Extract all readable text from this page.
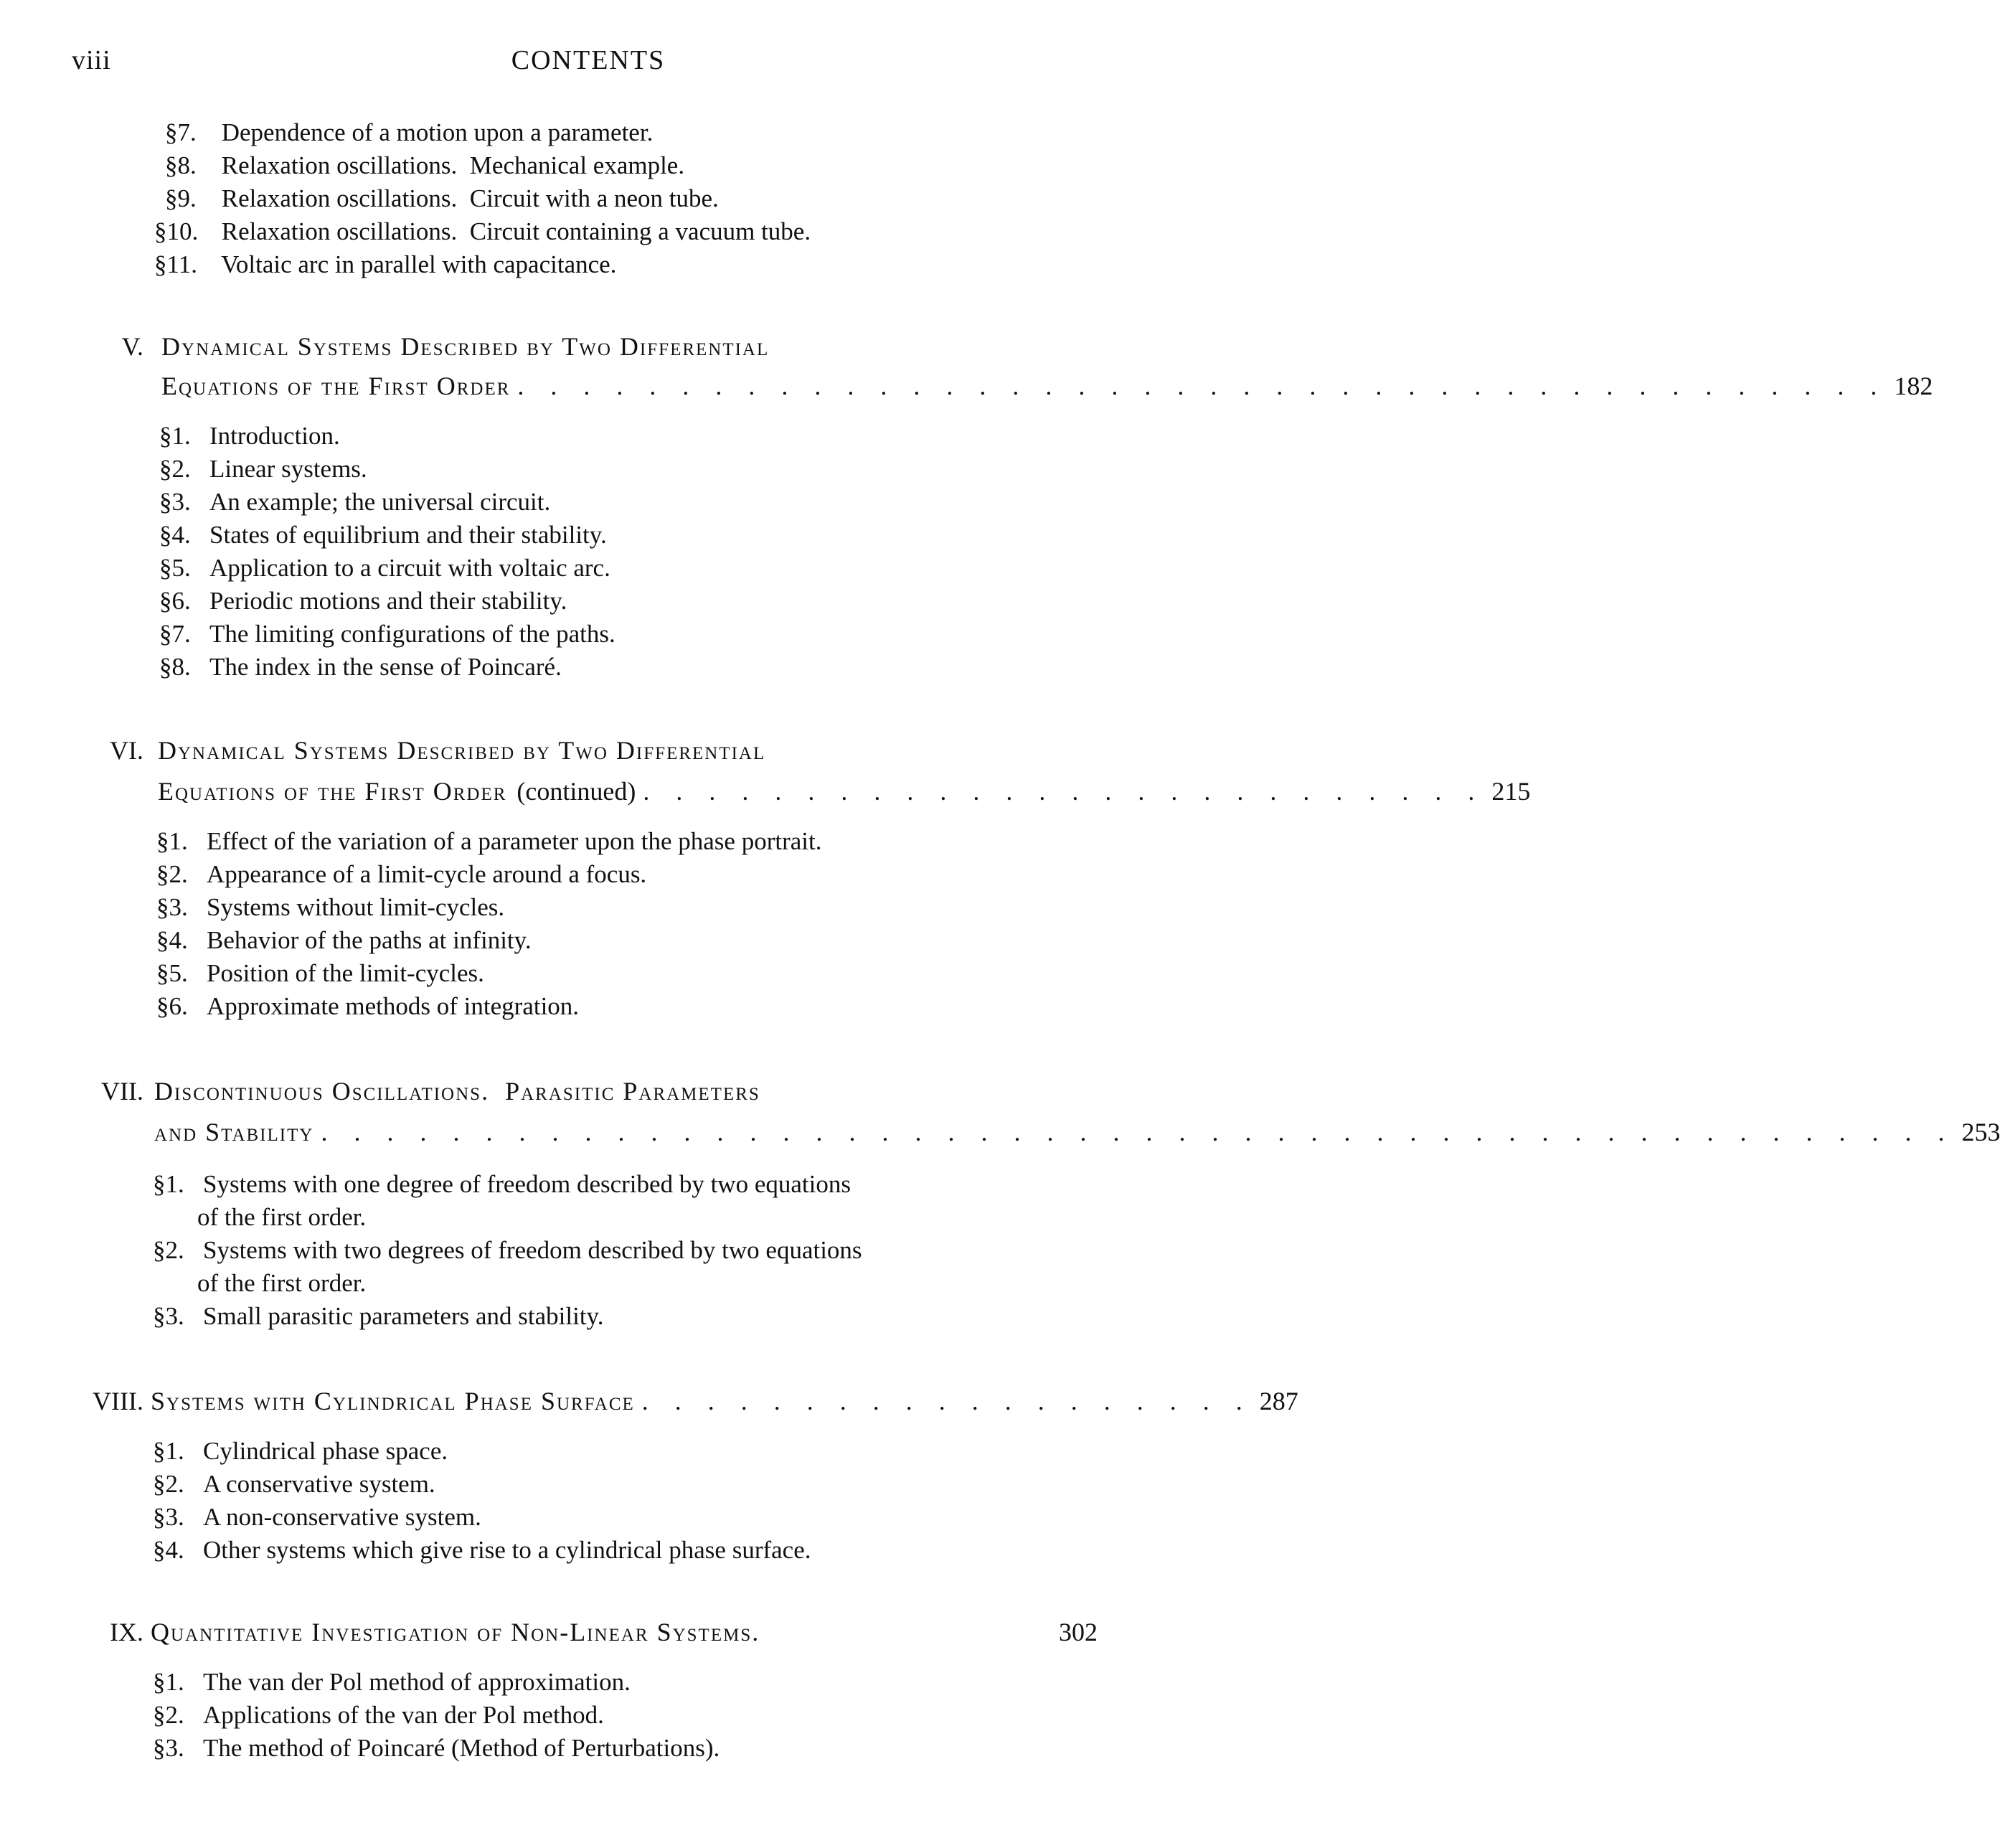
viii	CONTENTS
§7. Dependence of a motion upon a parameter.
§8. Relaxation oscillations.  Mechanical example.
§9. Relaxation oscillations.  Circuit with a neon tube.
§10. Relaxation oscillations.  Circuit containing a vacuum tube.
§11. Voltaic arc in parallel with capacitance.
V. Dynamical Systems Described by Two Differential
Equations of the First Order . . . . . . . . . . . . . . . . . . . . . . . . . . . . . . . . . . . . . . . . . . 182
§1. Introduction.
§2. Linear systems.
§3. An example; the universal circuit.
§4. States of equilibrium and their stability.
§5. Application to a circuit with voltaic arc.
§6. Periodic motions and their stability.
§7. The limiting configurations of the paths.
§8. The index in the sense of Poincaré.
VI. Dynamical Systems Described by Two Differential
Equations of the First Order (continued) . . . . . . . . . . . . . . . . . . . . . . . . . . 215
§1. Effect of the variation of a parameter upon the phase portrait.
§2. Appearance of a limit-cycle around a focus.
§3. Systems without limit-cycles.
§4. Behavior of the paths at infinity.
§5. Position of the limit-cycles.
§6. Approximate methods of integration.
VII. Discontinuous Oscillations.  Parasitic Parameters
and Stability . . . . . . . . . . . . . . . . . . . . . . . . . . . . . . . . . . . . . . . . . . . . . . . . . . 253
§1. Systems with one degree of freedom described by two equations
of the first order.
§2. Systems with two degrees of freedom described by two equations
of the first order.
§3. Small parasitic parameters and stability.
VIII. Systems with Cylindrical Phase Surface . . . . . . . . . . . . . . . . . . . 287
§1. Cylindrical phase space.
§2. A conservative system.
§3. A non-conservative system.
§4. Other systems which give rise to a cylindrical phase surface.
IX. Quantitative Investigation of Non-Linear Systems.	302
§1. The van der Pol method of approximation.
§2. Applications of the van der Pol method.
§3. The method of Poincaré (Method of Perturbations).
